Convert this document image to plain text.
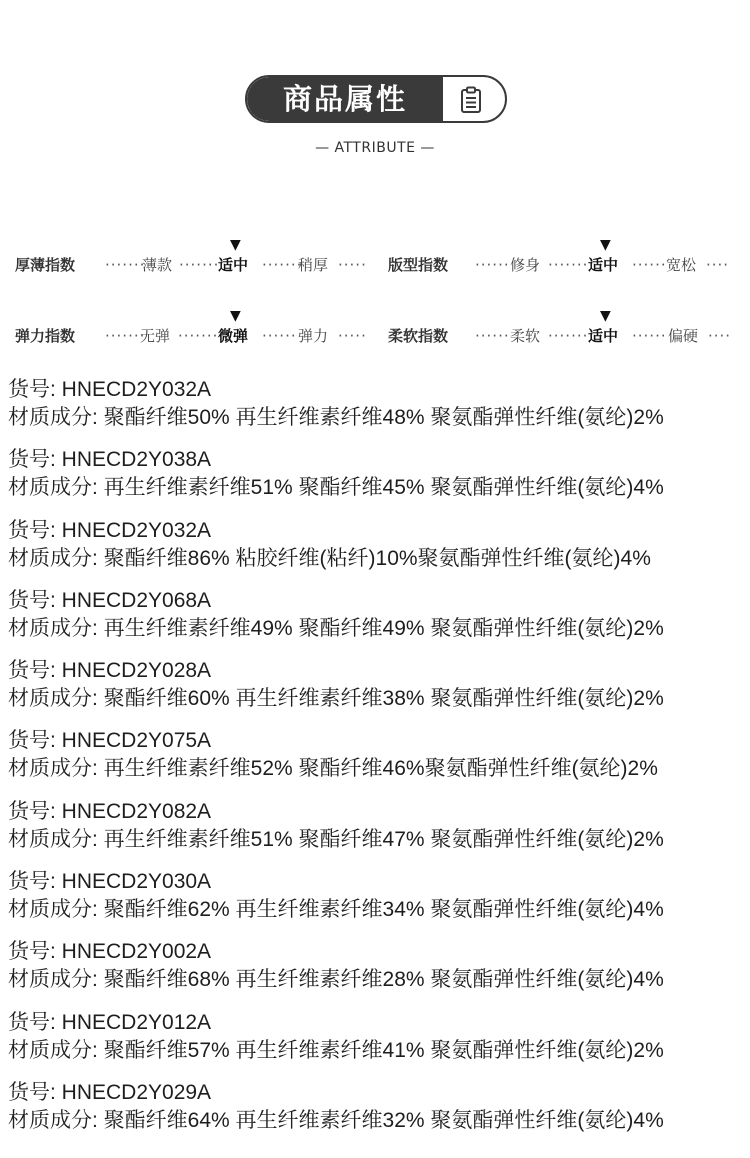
商品属性
— ATTRIBUTE —
▼
厚薄指数 ·······
薄款 ·······
适中 ·······
稍厚 ·····
▼
版型指数 ······ 修身 ······· 适中 ······ 宽松 ····
▼
弹力指数 ·······
无弹 ······· 微弹 ······ 弹力 ·····
▼
柔软指数 ······ 柔软 ······· 适中 ······ 偏硬 ····
货号: HNECD2Y032A
材质成分: 聚酯纤维50% 再生纤维素纤维48% 聚氨酯弹性纤维(氨纶)2%
货号: HNECD2Y038A
材质成分: 再生纤维素纤维51% 聚酯纤维45% 聚氨酯弹性纤维(氨纶)4%
货号: HNECD2Y032A
材质成分: 聚酯纤维86% 粘胶纤维(粘纤)10%聚氨酯弹性纤维(氨纶)4%
货号: HNECD2Y068A
材质成分: 再生纤维素纤维49% 聚酯纤维49% 聚氨酯弹性纤维(氨纶)2%
货号: HNECD2Y028A
材质成分: 聚酯纤维60% 再生纤维素纤维38% 聚氨酯弹性纤维(氨纶)2%
货号: HNECD2Y075A
材质成分: 再生纤维素纤维52% 聚酯纤维46%聚氨酯弹性纤维(氨纶)2%
货号: HNECD2Y082A
材质成分: 再生纤维素纤维51% 聚酯纤维47% 聚氨酯弹性纤维(氨纶)2%
货号: HNECD2Y030A
材质成分: 聚酯纤维62% 再生纤维素纤维34% 聚氨酯弹性纤维(氨纶)4%
货号: HNECD2Y002A
材质成分: 聚酯纤维68% 再生纤维素纤维28% 聚氨酯弹性纤维(氨纶)4%
货号: HNECD2Y012A
材质成分: 聚酯纤维57% 再生纤维素纤维41% 聚氨酯弹性纤维(氨纶)2%
货号: HNECD2Y029A
材质成分: 聚酯纤维64% 再生纤维素纤维32% 聚氨酯弹性纤维(氨纶)4%
